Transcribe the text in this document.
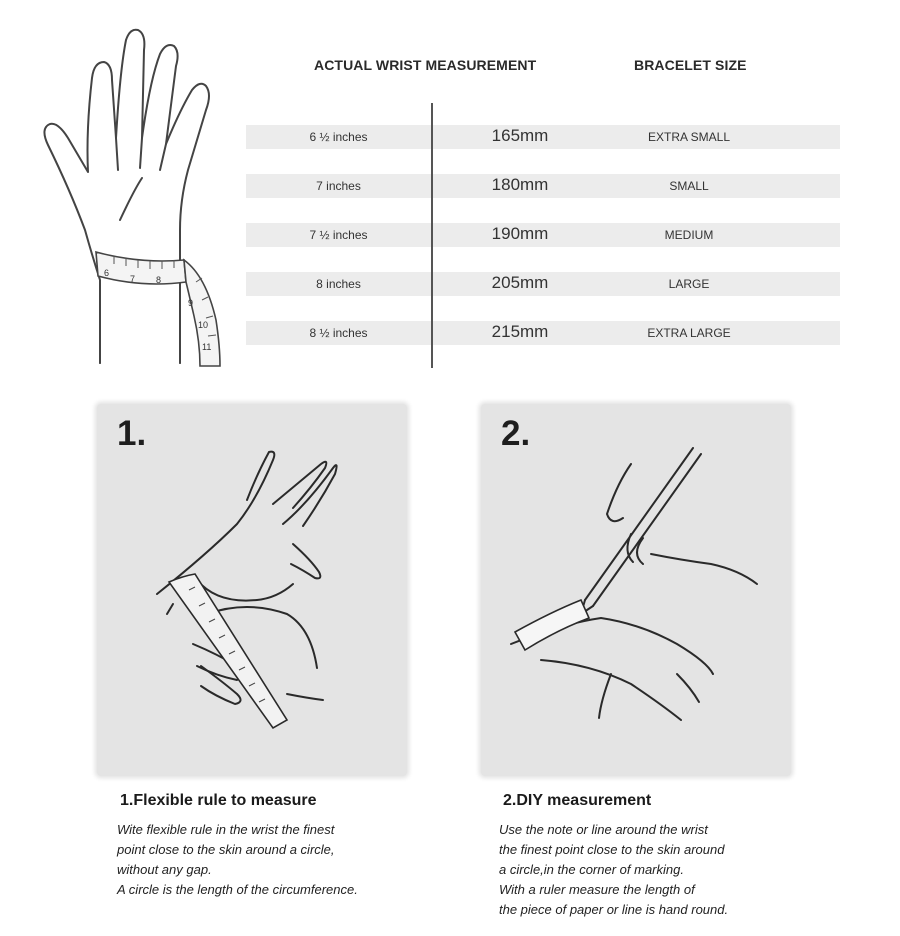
6
7 8
9
10
11
ACTUAL WRIST MEASUREMENT	BRACELET SIZE
6 ½ inches	165mm	EXTRA SMALL
7 inches	180mm	SMALL
7 ½ inches	190mm	MEDIUM
8 inches	205mm	LARGE
8 ½ inches	215mm	EXTRA LARGE
1.	2.
1.Flexible rule to measure
Wite flexible rule in the wrist the finest
point close to the skin around a circle,
without any gap.
A circle is the length of the circumference.
2.DIY measurement
Use the note or line around the wrist
the finest point close to the skin around
a circle,in the corner of marking.
With a ruler measure the length of
the piece of paper or line is hand round.
